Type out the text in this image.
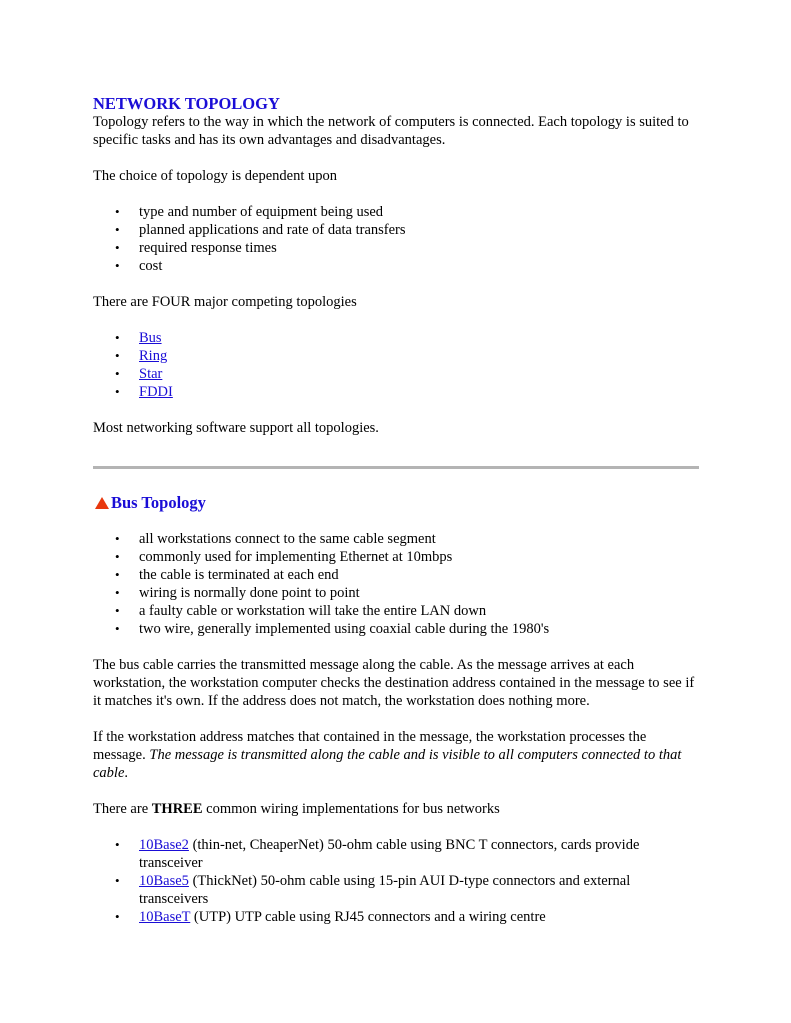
NETWORK TOPOLOGY

Topology refers to the way in which the network of computers is connected. Each topology is suited to specific tasks and has its own advantages and disadvantages.

The choice of topology is dependent upon

• type and number of equipment being used
• planned applications and rate of data transfers
• required response times
• cost

There are FOUR major competing topologies

• Bus
• Ring
• Star
• FDDI

Most networking software support all topologies.

Bus Topology
• all workstations connect to the same cable segment
• commonly used for implementing Ethernet at 10mbps
• the cable is terminated at each end
• wiring is normally done point to point
• a faulty cable or workstation will take the entire LAN down
• two wire, generally implemented using coaxial cable during the 1980's

The bus cable carries the transmitted message along the cable. As the message arrives at each workstation, the workstation computer checks the destination address contained in the message to see if it matches it's own. If the address does not match, the workstation does nothing more.

If the workstation address matches that contained in the message, the workstation processes the message. The message is transmitted along the cable and is visible to all computers connected to that cable.

There are THREE common wiring implementations for bus networks

• 10Base2 (thin-net, CheaperNet) 50-ohm cable using BNC T connectors, cards provide transceiver
• 10Base5 (ThickNet) 50-ohm cable using 15-pin AUI D-type connectors and external transceivers
• 10BaseT (UTP) UTP cable using RJ45 connectors and a wiring centre
